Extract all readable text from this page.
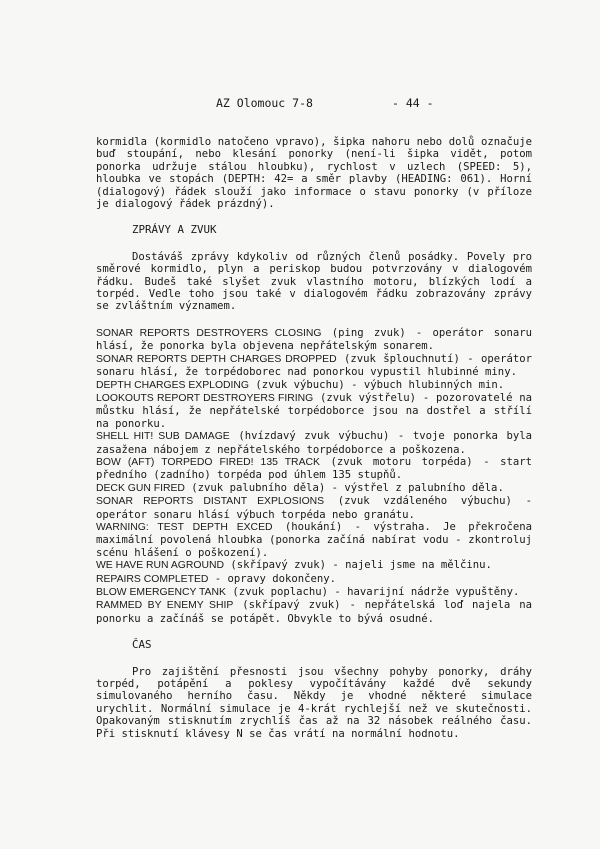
AZ Olomouc 7-8	- 44 -

kormidla (kormidlo natočeno vpravo), šipka nahoru nebo dolů označuje buď stoupání, nebo klesání ponorky (není-li šipka vidět, potom ponorka udržuje stálou hloubku), rychlost v uzlech (SPEED: 5), hloubka ve stopách (DEPTH: 42= a směr plavby (HEADING: 061). Horní (dialogový) řádek slouží jako informace o stavu ponorky (v příloze je dialogový řádek prázdný).

ZPRÁVY A ZVUK

Dostáváš zprávy kdykoliv od různých členů posádky. Povely pro směrové kormidlo, plyn a periskop budou potvrzovány v dialogovém řádku. Budeš také slyšet zvuk vlastního motoru, blízkých lodí a torpéd. Vedle toho jsou také v dialogovém řádku zobrazovány zprávy se zvláštním významem.

SONAR REPORTS DESTROYERS CLOSING (ping zvuk) - operátor sonaru hlásí, že ponorka byla objevena nepřátelským sonarem.

SONAR REPORTS DEPTH CHARGES DROPPED (zvuk šplouchnutí) - operátor sonaru hlásí, že torpédoborec nad ponorkou vypustil hlubinné miny.

DEPTH CHARGES EXPLODING (zvuk výbuchu) - výbuch hlubinných min.

LOOKOUTS REPORT DESTROYERS FIRING (zvuk výstřelu) - pozorovatelé na můstku hlásí, že nepřátelské torpédoborce jsou na dostřel a střílí na ponorku.

SHELL HIT! SUB DAMAGE (hvízdavý zvuk výbuchu) - tvoje ponorka byla zasažena nábojem z nepřátelského torpédoborce a poškozena.

BOW (AFT) TORPEDO FIRED! 135 TRACK (zvuk motoru torpéda) - start předního (zadního) torpéda pod úhlem 135 stupňů.

DECK GUN FIRED (zvuk palubního děla) - výstřel z palubního děla.

SONAR REPORTS DISTANT EXPLOSIONS (zvuk vzdáleného výbuchu) - operátor sonaru hlásí výbuch torpéda nebo granátu.

WARNING: TEST DEPTH EXCED (houkání) - výstraha. Je překročena maximální povolená hloubka (ponorka začíná nabírat vodu - zkontroluj scénu hlášení o poškození).

WE HAVE RUN AGROUND (skřípavý zvuk) - najeli jsme na mělčinu.

REPAIRS COMPLETED - opravy dokončeny.

BLOW EMERGENCY TANK (zvuk poplachu) - havarijní nádrže vypuštěny.

RAMMED BY ENEMY SHIP (skřípavý zvuk) - nepřátelská loď najela na ponorku a začínáš se potápět. Obvykle to bývá osudné.

ČAS

Pro zajištění přesnosti jsou všechny pohyby ponorky, dráhy torpéd, potápění a poklesy vypočítávány každé dvě sekundy simulovaného herního času. Někdy je vhodné některé simulace urychlit. Normální simulace je 4-krát rychlejší než ve skutečnosti. Opakovaným stisknutím zrychlíš čas až na 32 násobek reálného času. Při stisknutí klávesy N se čas vrátí na normální hodnotu.
